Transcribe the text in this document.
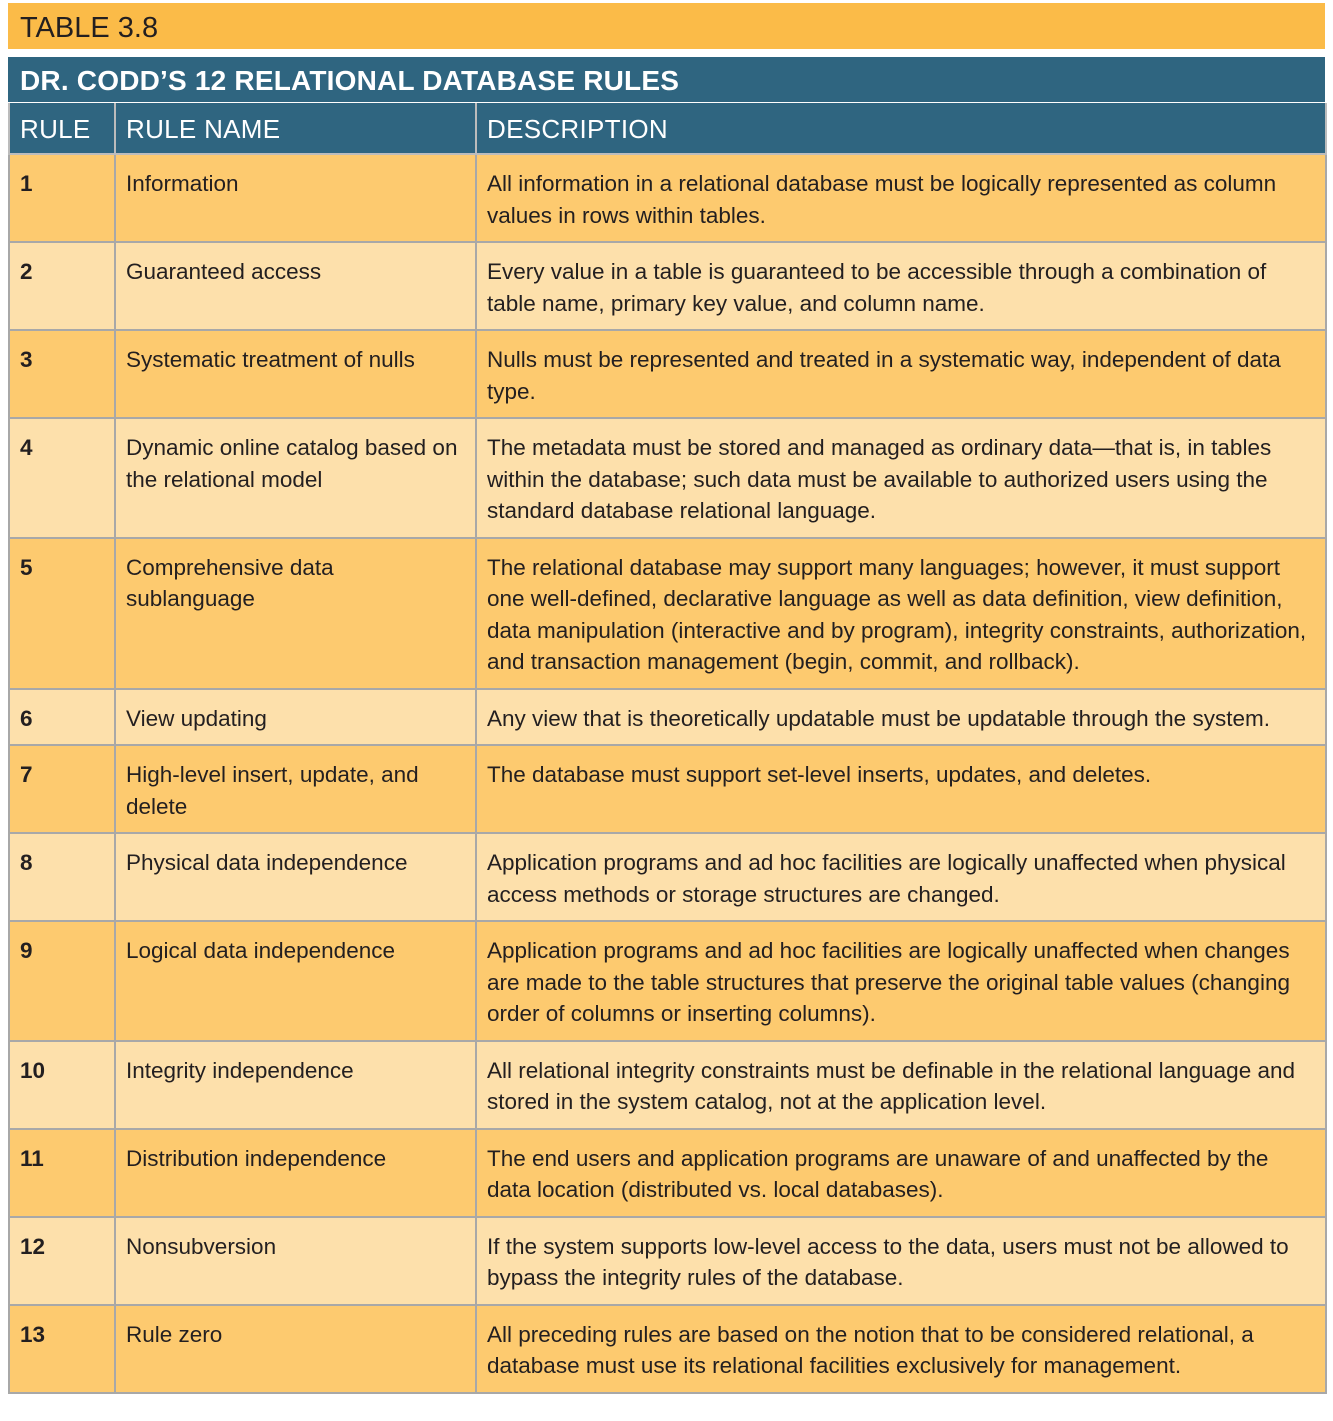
TABLE 3.8
DR. CODD’S 12 RELATIONAL DATABASE RULES
RULE	RULE NAME	DESCRIPTION
1	Information	All information in a relational database must be logically represented as column values in rows within tables.
2	Guaranteed access	Every value in a table is guaranteed to be accessible through a combination of table name, primary key value, and column name.
3	Systematic treatment of nulls	Nulls must be represented and treated in a systematic way, independent of data type.
4	Dynamic online catalog based on the relational model	The metadata must be stored and managed as ordinary data—that is, in tables within the database; such data must be available to authorized users using the standard database relational language.
5	Comprehensive data sublanguage	The relational database may support many languages; however, it must support one well-defined, declarative language as well as data definition, view definition, data manipulation (interactive and by program), integrity constraints, authorization, and transaction management (begin, commit, and rollback).
6	View updating	Any view that is theoretically updatable must be updatable through the system.
7	High-level insert, update, and delete	The database must support set-level inserts, updates, and deletes.
8	Physical data independence	Application programs and ad hoc facilities are logically unaffected when physical access methods or storage structures are changed.
9	Logical data independence	Application programs and ad hoc facilities are logically unaffected when changes are made to the table structures that preserve the original table values (changing order of columns or inserting columns).
10	Integrity independence	All relational integrity constraints must be definable in the relational language and stored in the system catalog, not at the application level.
11	Distribution independence	The end users and application programs are unaware of and unaffected by the data location (distributed vs. local databases).
12	Nonsubversion	If the system supports low-level access to the data, users must not be allowed to bypass the integrity rules of the database.
13	Rule zero	All preceding rules are based on the notion that to be considered relational, a database must use its relational facilities exclusively for management.
